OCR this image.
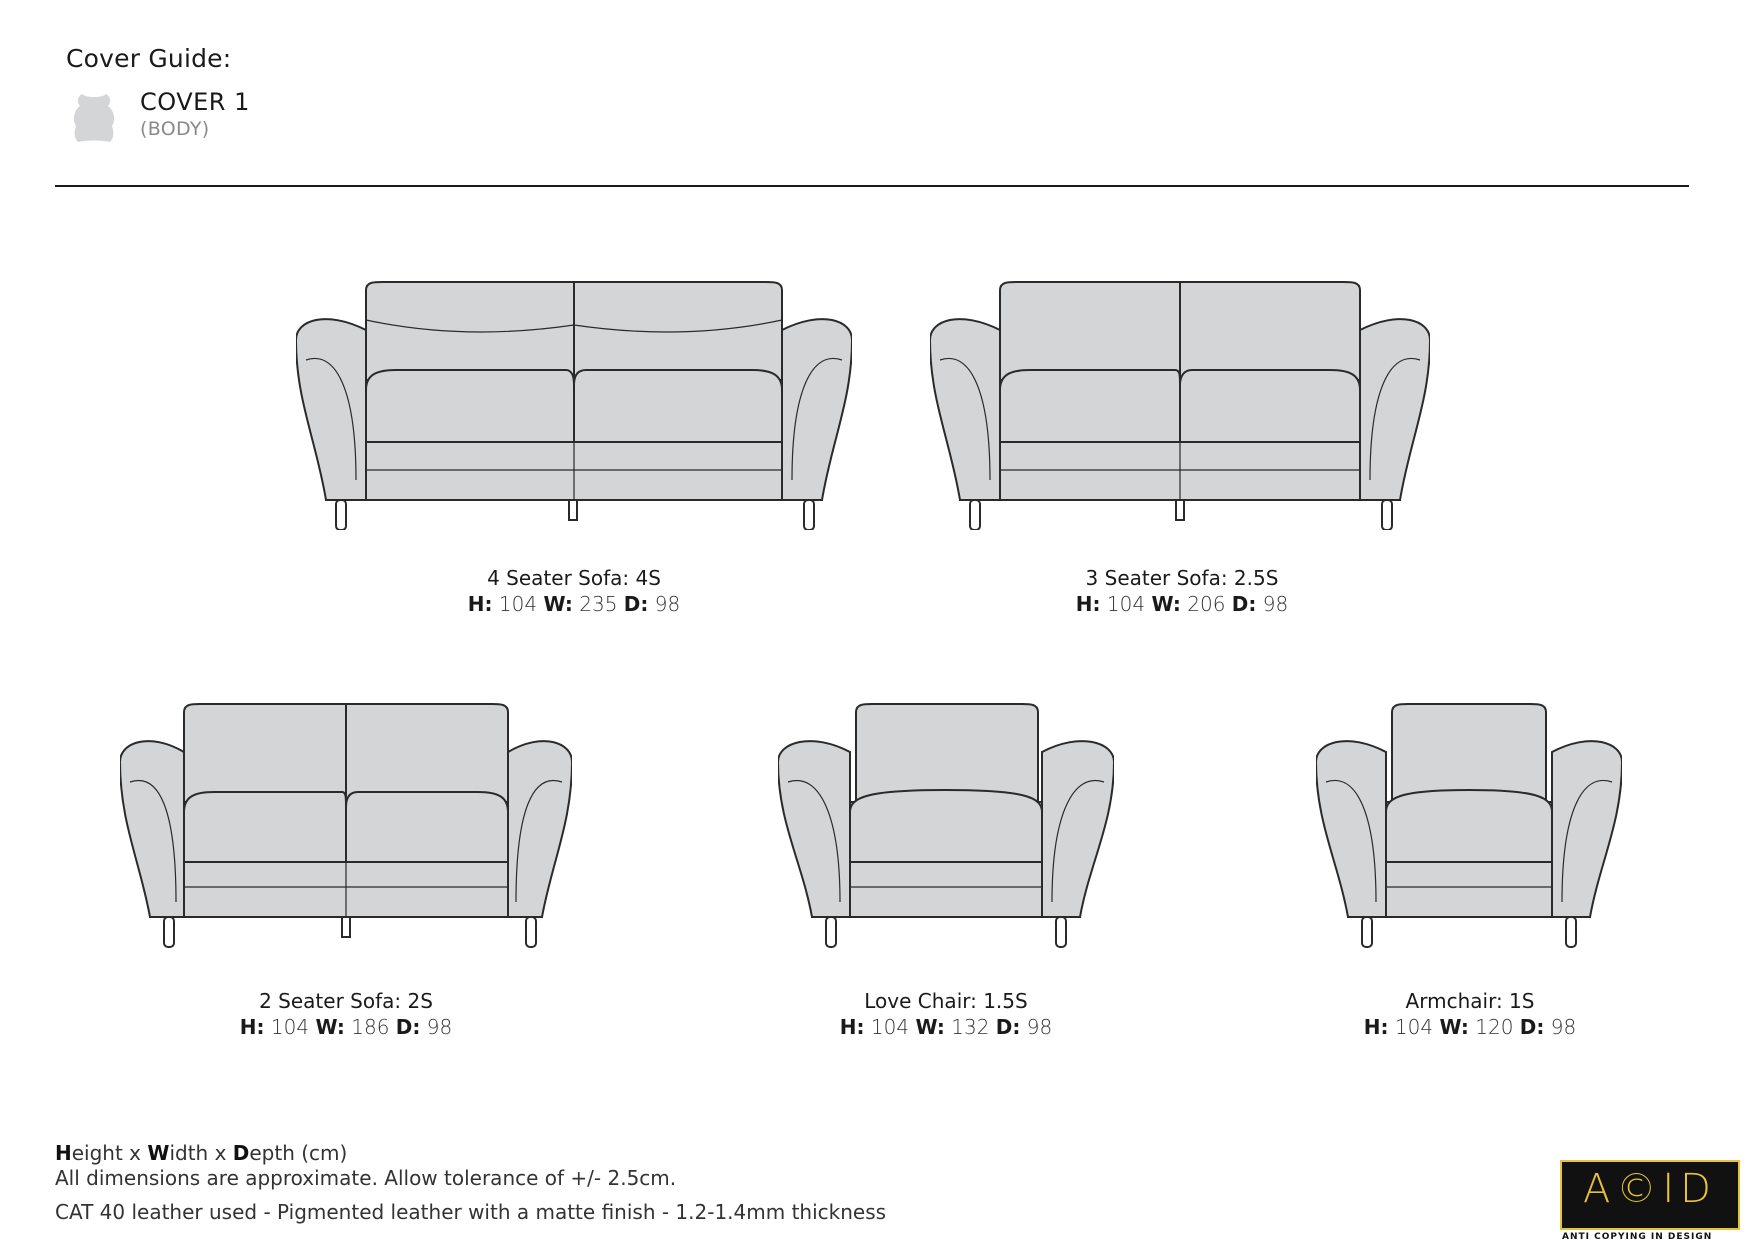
Cover Guide:
COVER 1
(BODY)
4 Seater Sofa: 4S
H: 104 W: 235 D: 98
3 Seater Sofa: 2.5S
H: 104 W: 206 D: 98
2 Seater Sofa: 2S
H: 104 W: 186 D: 98
Love Chair: 1.5S
H: 104 W: 132 D: 98
Armchair: 1S
H: 104 W: 120 D: 98
Height x Width x Depth (cm)
All dimensions are approximate. Allow tolerance of +/- 2.5cm.
CAT 40 leather used - Pigmented leather with a matte finish - 1.2-1.4mm thickness	A©ID
ANTI COPYING IN DESIGN
